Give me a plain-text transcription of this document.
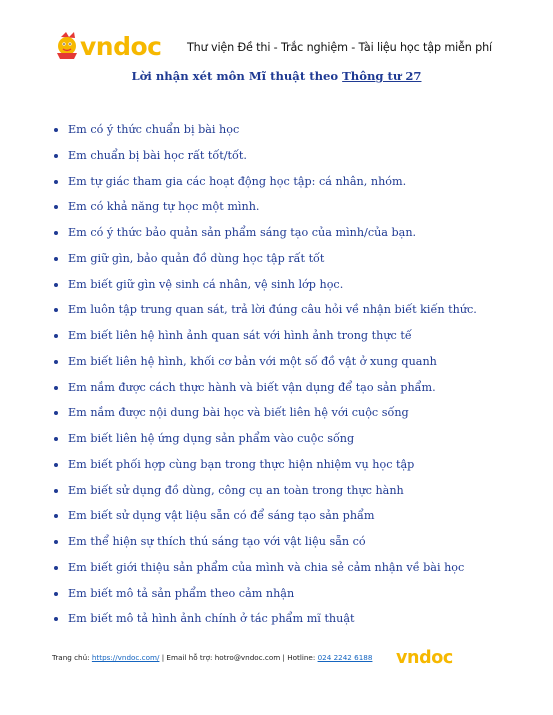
vndoc Thư viện Đề thi - Trắc nghiệm - Tài liệu học tập miễn phí
Lời nhận xét môn Mĩ thuật theo Thông tư 27
Em có ý thức chuẩn bị bài học
Em chuẩn bị bài học rất tốt/tốt.
Em tự giác tham gia các hoạt động học tập: cá nhân, nhóm.
Em có khả năng tự học một mình.
Em có ý thức bảo quản sản phẩm sáng tạo của mình/của bạn.
Em giữ gìn, bảo quản đồ dùng học tập rất tốt
Em biết giữ gìn vệ sinh cá nhân, vệ sinh lớp học.
Em luôn tập trung quan sát, trả lời đúng câu hỏi về nhận biết kiến thức.
Em biết liên hệ hình ảnh quan sát với hình ảnh trong thực tế
Em biết liên hệ hình, khối cơ bản với một số đồ vật ở xung quanh
Em nắm được cách thực hành và biết vận dụng để tạo sản phẩm.
Em nắm được nội dung bài học và biết liên hệ với cuộc sống
Em biết liên hệ ứng dụng sản phẩm vào cuộc sống
Em biết phối hợp cùng bạn trong thực hiện nhiệm vụ học tập
Em biết sử dụng đồ dùng, công cụ an toàn trong thực hành
Em biết sử dụng vật liệu sẵn có để sáng tạo sản phẩm
Em thể hiện sự thích thú sáng tạo với vật liệu sẵn có
Em biết giới thiệu sản phẩm của mình và chia sẻ cảm nhận về bài học
Em biết mô tả sản phẩm theo cảm nhận
Em biết mô tả hình ảnh chính ở tác phẩm mĩ thuật
Trang chủ: https://vndoc.com/ | Email hỗ trợ: hotro@vndoc.com | Hotline: 024 2242 6188 vndoc
